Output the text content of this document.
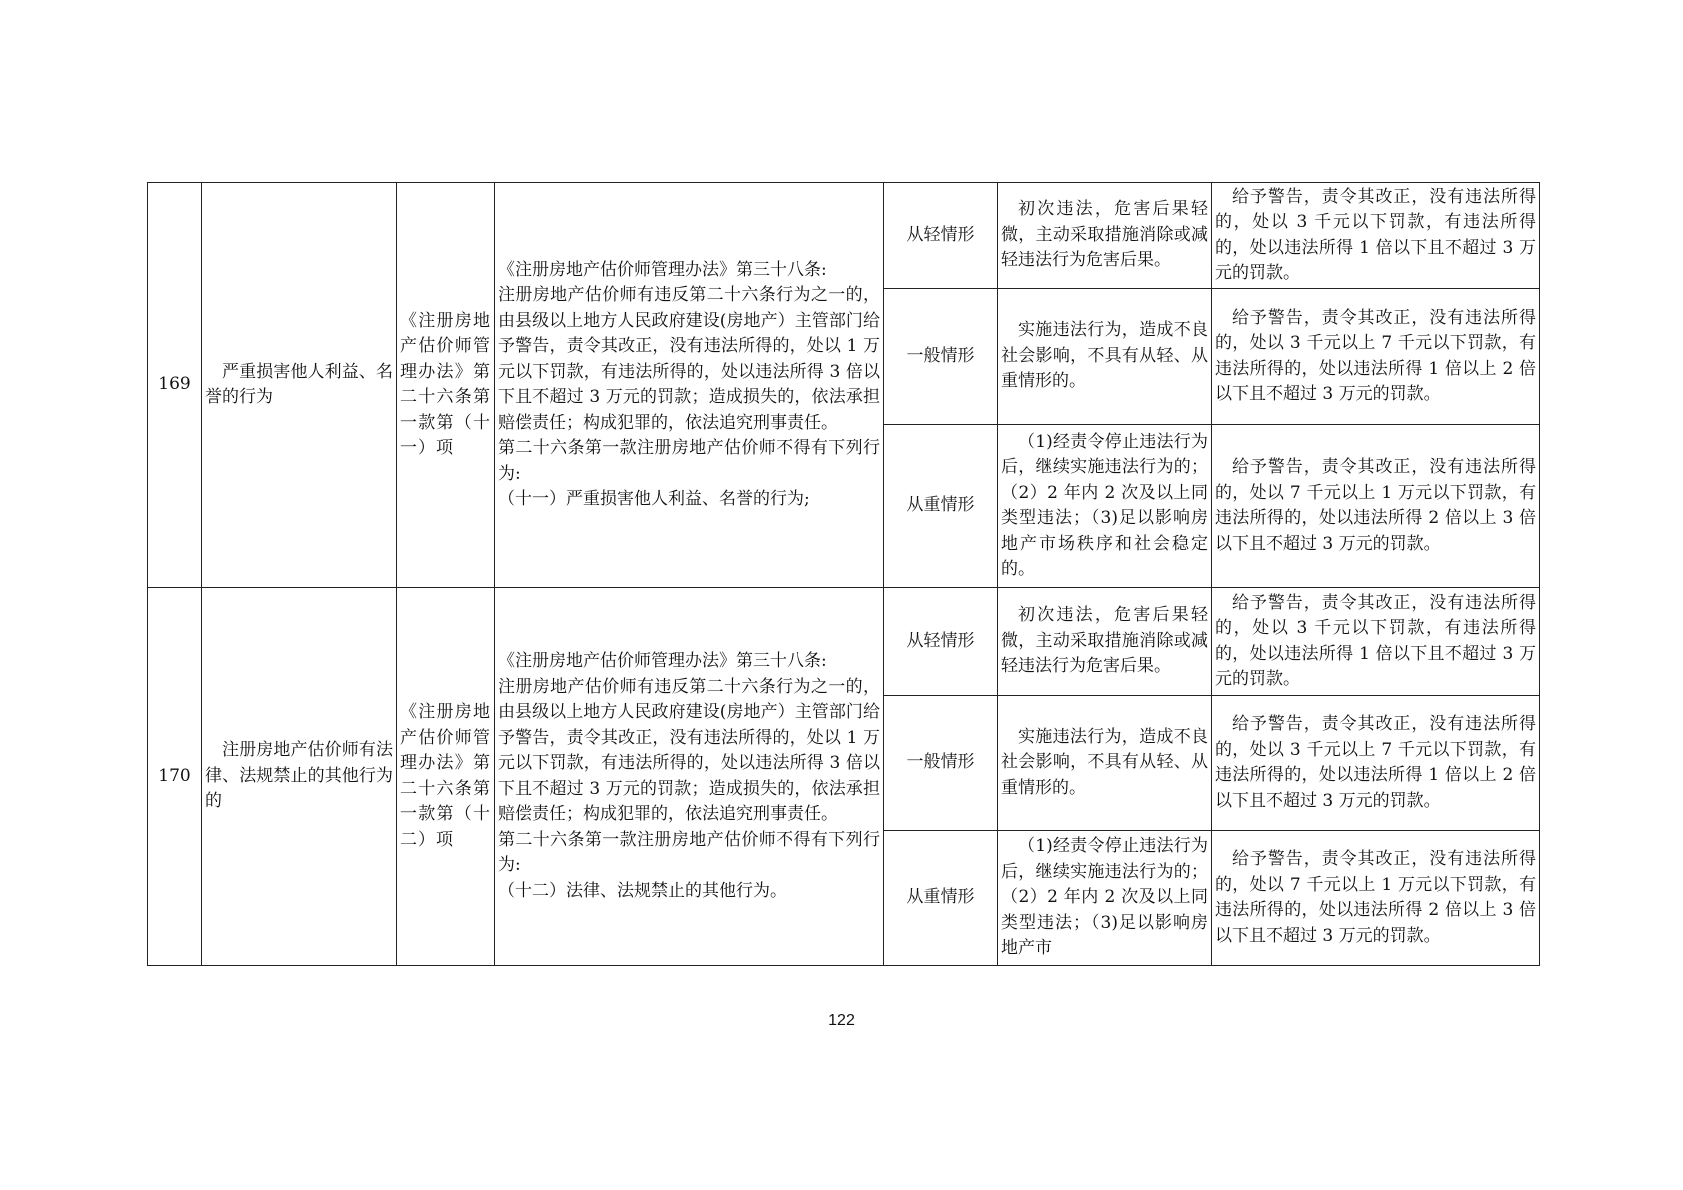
169	严重损害他人利益、名誉的行为	《注册房地产估价师管理办法》第二十六条第一款第（十一）项	《注册房地产估价师管理办法》第三十八条:
注册房地产估价师有违反第二十六条行为之一的，由县级以上地方人民政府建设(房地产）主管部门给予警告，责令其改正，没有违法所得的，处以 1 万元以下罚款，有违法所得的，处以违法所得 3 倍以下且不超过 3 万元的罚款；造成损失的，依法承担赔偿责任；构成犯罪的，依法追究刑事责任。
第二十六条第一款注册房地产估价师不得有下列行为:
（十一）严重损害他人利益、名誉的行为;	从轻情形	初次违法，危害后果轻微，主动采取措施消除或减轻违法行为危害后果。	给予警告，责令其改正，没有违法所得的，处以 3 千元以下罚款，有违法所得的，处以违法所得 1 倍以下且不超过 3 万元的罚款。
				一般情形	实施违法行为，造成不良社会影响，不具有从轻、从重情形的。	给予警告，责令其改正，没有违法所得的，处以 3 千元以上 7 千元以下罚款，有违法所得的，处以违法所得 1 倍以上 2 倍以下且不超过 3 万元的罚款。
				从重情形	（1)经责令停止违法行为后，继续实施违法行为的；（2）2 年内 2 次及以上同类型违法；（3)足以影响房地产市场秩序和社会稳定的。	给予警告，责令其改正，没有违法所得的，处以 7 千元以上 1 万元以下罚款，有违法所得的，处以违法所得 2 倍以上 3 倍以下且不超过 3 万元的罚款。
170	注册房地产估价师有法律、法规禁止的其他行为的	《注册房地产估价师管理办法》第二十六条第一款第（十二）项	《注册房地产估价师管理办法》第三十八条:
注册房地产估价师有违反第二十六条行为之一的，由县级以上地方人民政府建设(房地产）主管部门给予警告，责令其改正，没有违法所得的，处以 1 万元以下罚款，有违法所得的，处以违法所得 3 倍以下且不超过 3 万元的罚款；造成损失的，依法承担赔偿责任；构成犯罪的，依法追究刑事责任。
第二十六条第一款注册房地产估价师不得有下列行为:
（十二）法律、法规禁止的其他行为。	从轻情形	初次违法，危害后果轻微，主动采取措施消除或减轻违法行为危害后果。	给予警告，责令其改正，没有违法所得的，处以 3 千元以下罚款，有违法所得的，处以违法所得 1 倍以下且不超过 3 万元的罚款。
				一般情形	实施违法行为，造成不良社会影响，不具有从轻、从重情形的。	给予警告，责令其改正，没有违法所得的，处以 3 千元以上 7 千元以下罚款，有违法所得的，处以违法所得 1 倍以上 2 倍以下且不超过 3 万元的罚款。
				从重情形	（1)经责令停止违法行为后，继续实施违法行为的；（2）2 年内 2 次及以上同类型违法；（3)足以影响房地产市	给予警告，责令其改正，没有违法所得的，处以 7 千元以上 1 万元以下罚款，有违法所得的，处以违法所得 2 倍以上 3 倍以下且不超过 3 万元的罚款。
122
